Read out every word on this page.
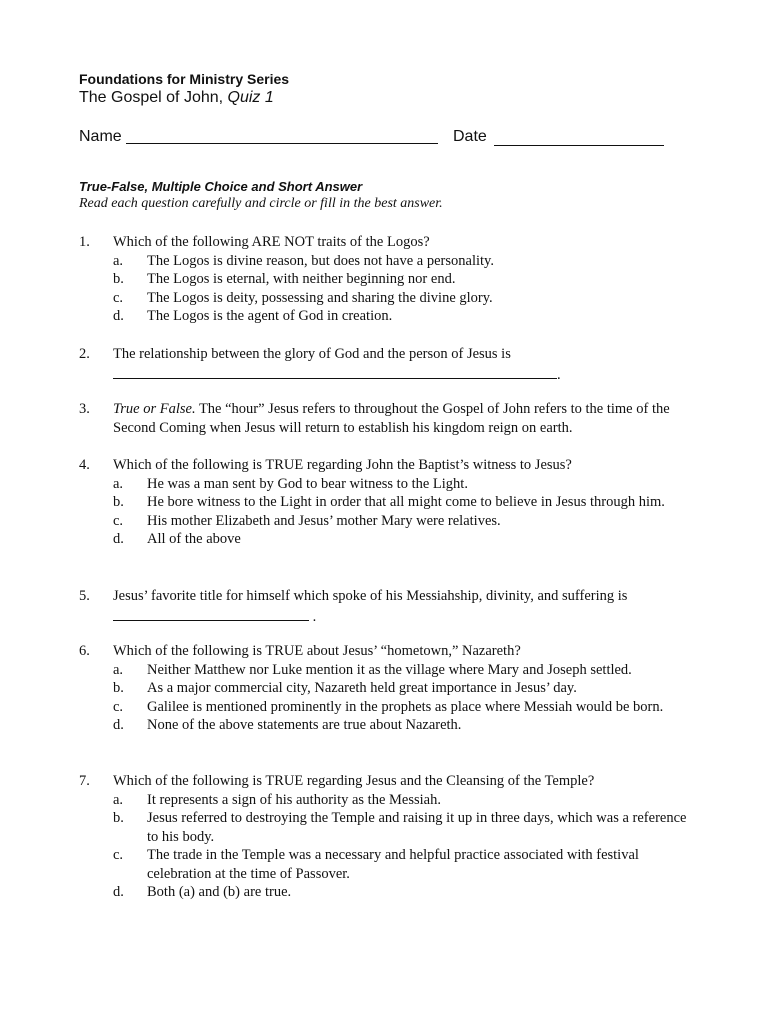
Foundations for Ministry Series
The Gospel of John, Quiz 1
Name	Date
True-False, Multiple Choice and Short Answer
Read each question carefully and circle or fill in the best answer.
1. Which of the following ARE NOT traits of the Logos?
a. The Logos is divine reason, but does not have a personality.
b. The Logos is eternal, with neither beginning nor end.
c. The Logos is deity, possessing and sharing the divine glory.
d. The Logos is the agent of God in creation.
2. The relationship between the glory of God and the person of Jesus is
.
3. True or False. The “hour” Jesus refers to throughout the Gospel of John refers to the time of the Second Coming when Jesus will return to establish his kingdom reign on earth.
4. Which of the following is TRUE regarding John the Baptist’s witness to Jesus?
a. He was a man sent by God to bear witness to the Light.
b. He bore witness to the Light in order that all might come to believe in Jesus through him.
c. His mother Elizabeth and Jesus’ mother Mary were relatives.
d. All of the above
5. Jesus’ favorite title for himself which spoke of his Messiahship, divinity, and suffering is
.
6. Which of the following is TRUE about Jesus’ “hometown,” Nazareth?
a. Neither Matthew nor Luke mention it as the village where Mary and Joseph settled.
b. As a major commercial city, Nazareth held great importance in Jesus’ day.
c. Galilee is mentioned prominently in the prophets as place where Messiah would be born.
d. None of the above statements are true about Nazareth.
7. Which of the following is TRUE regarding Jesus and the Cleansing of the Temple?
a. It represents a sign of his authority as the Messiah.
b. Jesus referred to destroying the Temple and raising it up in three days, which was a reference to his body.
c. The trade in the Temple was a necessary and helpful practice associated with festival celebration at the time of Passover.
d. Both (a) and (b) are true.
